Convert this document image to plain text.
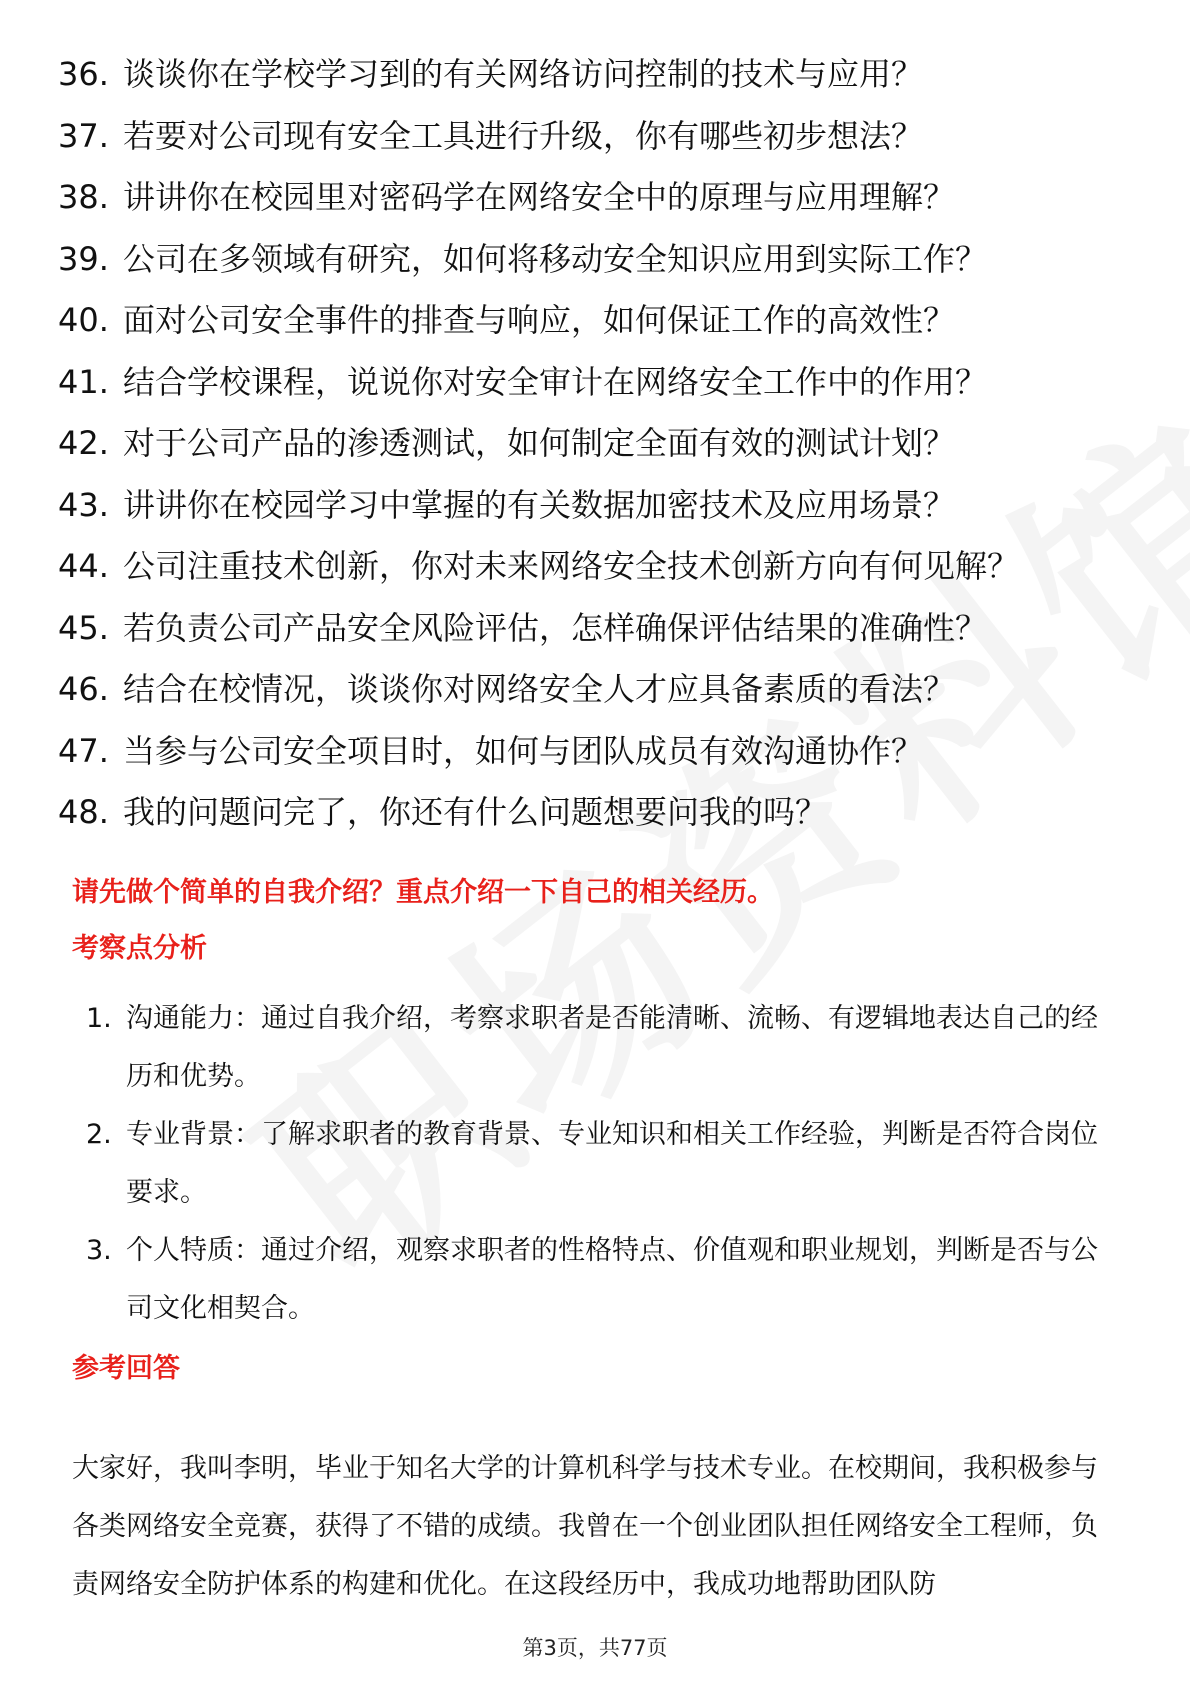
36. 谈谈你在学校学习到的有关网络访问控制的技术与应用？
37. 若要对公司现有安全工具进行升级，你有哪些初步想法？
38. 讲讲你在校园里对密码学在网络安全中的原理与应用理解？
39. 公司在多领域有研究，如何将移动安全知识应用到实际工作？
40. 面对公司安全事件的排查与响应，如何保证工作的高效性？
41. 结合学校课程，说说你对安全审计在网络安全工作中的作用？
42. 对于公司产品的渗透测试，如何制定全面有效的测试计划？
43. 讲讲你在校园学习中掌握的有关数据加密技术及应用场景？
44. 公司注重技术创新，你对未来网络安全技术创新方向有何见解？
45. 若负责公司产品安全风险评估，怎样确保评估结果的准确性？
46. 结合在校情况，谈谈你对网络安全人才应具备素质的看法？
47. 当参与公司安全项目时，如何与团队成员有效沟通协作？
48. 我的问题问完了，你还有什么问题想要问我的吗？
请先做个简单的自我介绍？重点介绍一下自己的相关经历。
考察点分析
1. 沟通能力：通过自我介绍，考察求职者是否能清晰、流畅、有逻辑地表达自己的经历和优势。
2. 专业背景：了解求职者的教育背景、专业知识和相关工作经验，判断是否符合岗位要求。
3. 个人特质：通过介绍，观察求职者的性格特点、价值观和职业规划，判断是否与公司文化相契合。
参考回答

大家好，我叫李明，毕业于知名大学的计算机科学与技术专业。在校期间，我积极参与各类网络安全竞赛，获得了不错的成绩。我曾在一个创业团队担任网络安全工程师，负责网络安全防护体系的构建和优化。在这段经历中，我成功地帮助团队防

第3页，共77页
